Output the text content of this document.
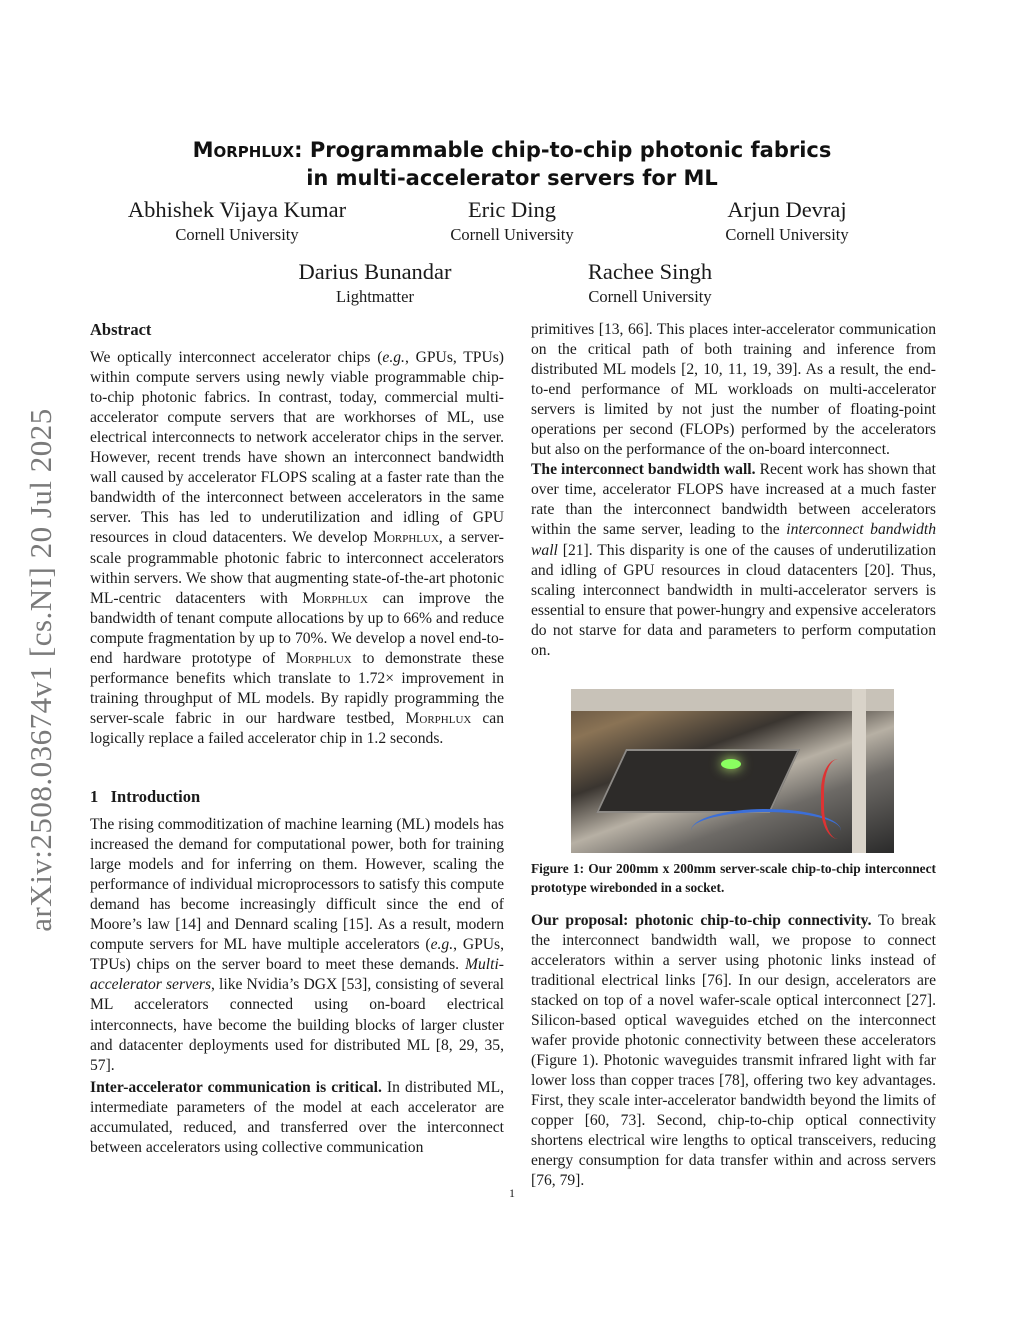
arXiv:2508.03674v1 [cs.NI] 20 Jul 2025
Morphlux: Programmable chip-to-chip photonic fabrics
in multi-accelerator servers for ML
Abhishek Vijaya Kumar
Cornell University
Eric Ding
Cornell University
Arjun Devraj
Cornell University
Darius Bunandar
Lightmatter
Rachee Singh
Cornell University
Abstract

We optically interconnect accelerator chips (e.g., GPUs, TPUs) within compute servers using newly viable programmable chip-to-chip photonic fabrics. In contrast, today, commercial multi-accelerator compute servers that are workhorses of ML, use electrical interconnects to network accelerator chips in the server. However, recent trends have shown an interconnect bandwidth wall caused by accelerator FLOPS scaling at a faster rate than the bandwidth of the interconnect between accelerators in the same server. This has led to underutilization and idling of GPU resources in cloud datacenters. We develop Morphlux, a server-scale programmable photonic fabric to interconnect accelerators within servers. We show that augmenting state-of-the-art photonic ML-centric datacenters with Morphlux can improve the bandwidth of tenant compute allocations by up to 66% and reduce compute fragmentation by up to 70%. We develop a novel end-to-end hardware prototype of Morphlux to demonstrate these performance benefits which translate to 1.72× improvement in training throughput of ML models. By rapidly programming the server-scale fabric in our hardware testbed, Morphlux can logically replace a failed accelerator chip in 1.2 seconds.

1 Introduction

The rising commoditization of machine learning (ML) models has increased the demand for computational power, both for training large models and for inferring on them. However, scaling the performance of individual microprocessors to satisfy this compute demand has become increasingly difficult since the end of Moore’s law [14] and Dennard scaling [15]. As a result, modern compute servers for ML have multiple accelerators (e.g., GPUs, TPUs) chips on the server board to meet these demands. Multi-accelerator servers, like Nvidia’s DGX [53], consisting of several ML accelerators connected using on-board electrical interconnects, have become the building blocks of larger cluster and datacenter deployments used for distributed ML [8, 29, 35, 57].

Inter-accelerator communication is critical. In distributed ML, intermediate parameters of the model at each accelerator are accumulated, reduced, and transferred over the interconnect between accelerators using collective communication

primitives [13, 66]. This places inter-accelerator communication on the critical path of both training and inference from distributed ML models [2, 10, 11, 19, 39]. As a result, the end-to-end performance of ML workloads on multi-accelerator servers is limited by not just the number of floating-point operations per second (FLOPs) performed by the accelerators but also on the performance of the on-board interconnect.

The interconnect bandwidth wall. Recent work has shown that over time, accelerator FLOPS have increased at a much faster rate than the interconnect bandwidth between accelerators within the same server, leading to the interconnect bandwidth wall [21]. This disparity is one of the causes of underutilization and idling of GPU resources in cloud datacenters [20]. Thus, scaling interconnect bandwidth in multi-accelerator servers is essential to ensure that power-hungry and expensive accelerators do not starve for data and parameters to perform computation on.

Figure 1: Our 200mm x 200mm server-scale chip-to-chip interconnect prototype wirebonded in a socket.

Our proposal: photonic chip-to-chip connectivity. To break the interconnect bandwidth wall, we propose to connect accelerators within a server using photonic links instead of traditional electrical links [76]. In our design, accelerators are stacked on top of a novel wafer-scale optical interconnect [27]. Silicon-based optical waveguides etched on the interconnect wafer provide photonic connectivity between these accelerators (Figure 1). Photonic waveguides transmit infrared light with far lower loss than copper traces [78], offering two key advantages. First, they scale inter-accelerator bandwidth beyond the limits of copper [60, 73]. Second, chip-to-chip optical connectivity shortens electrical wire lengths to optical transceivers, reducing energy consumption for data transfer within and across servers [76, 79].

1
